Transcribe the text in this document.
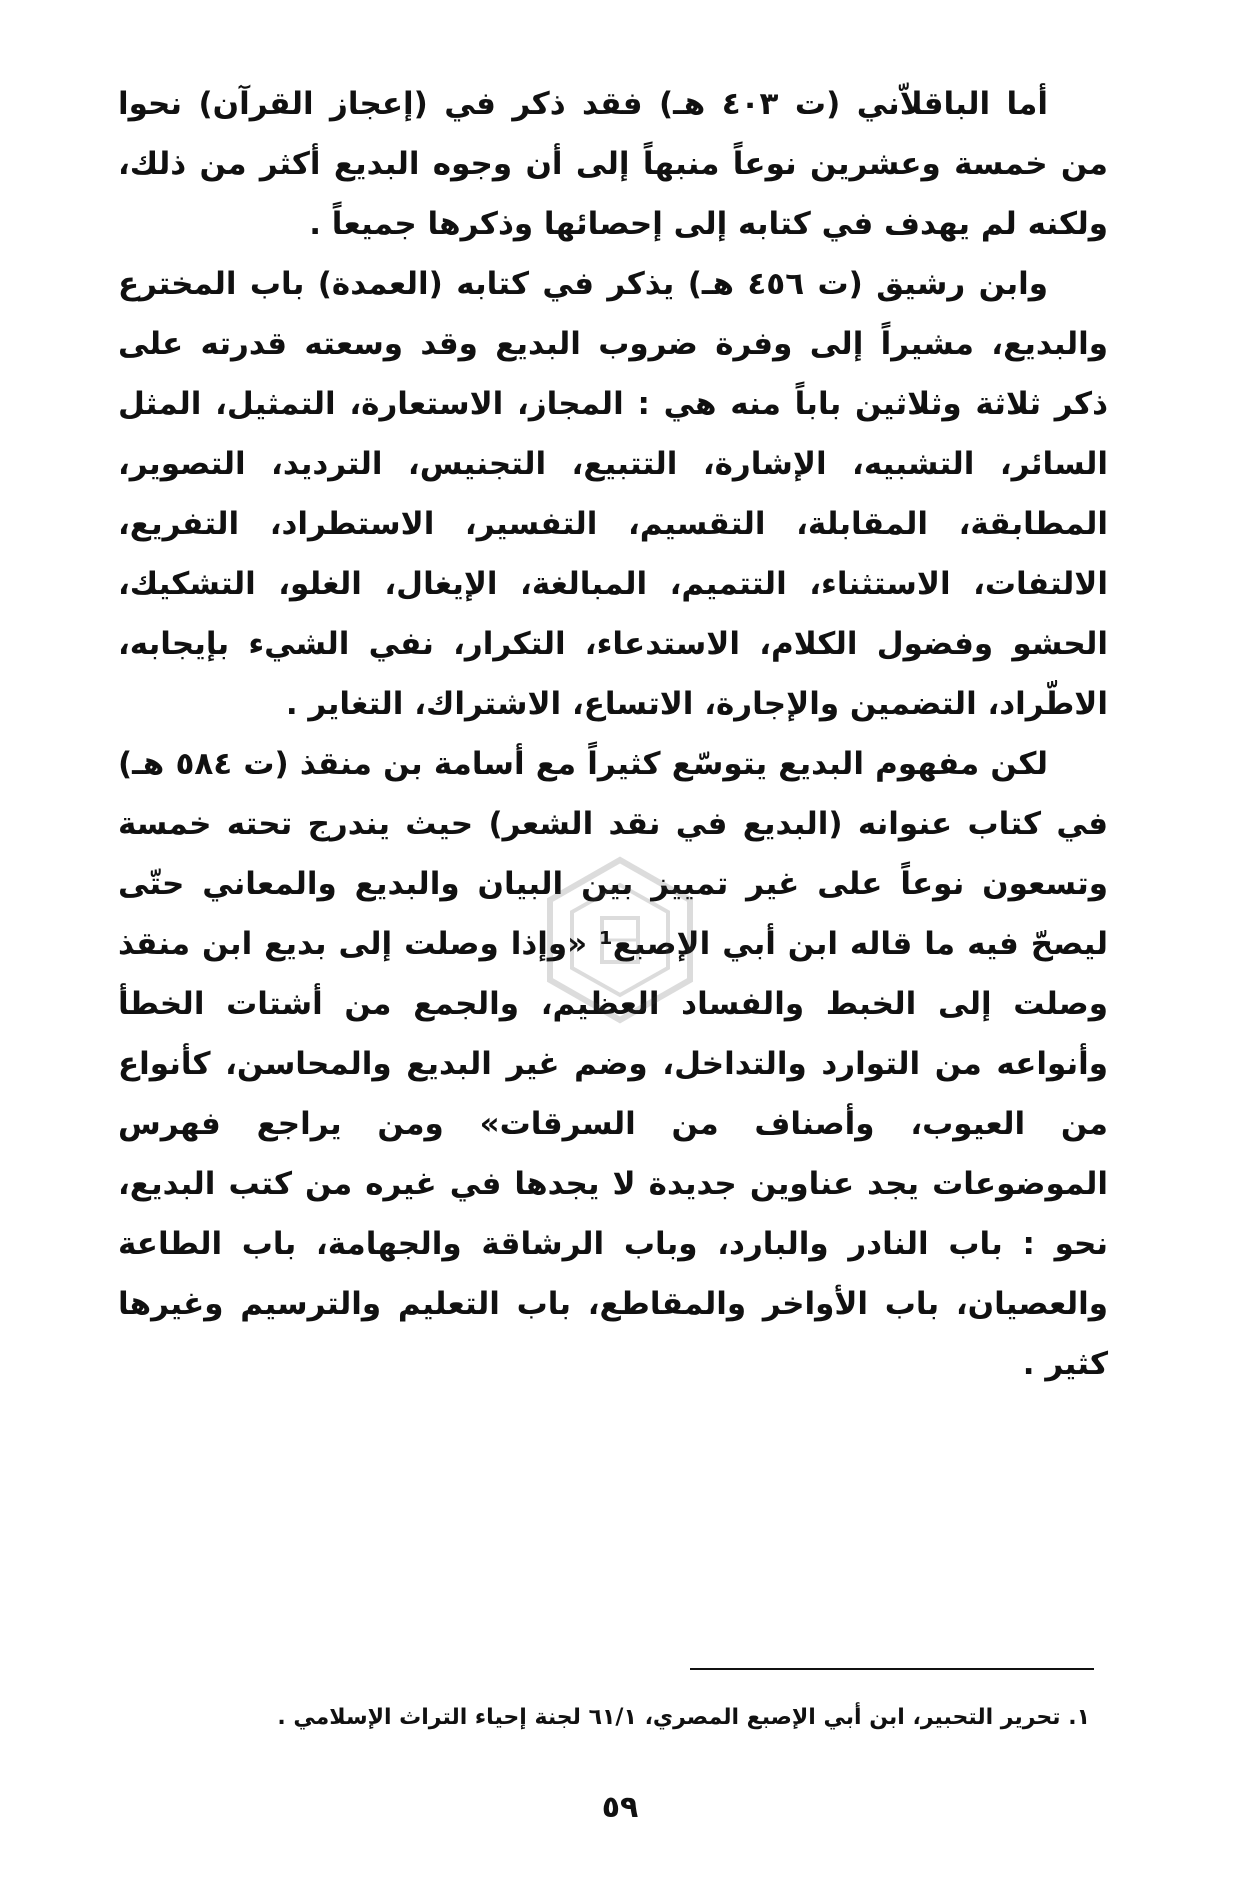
أما الباقلاّني (ت ٤٠٣ هـ) فقد ذكر في (إعجاز القرآن) نحوا من خمسة وعشرين نوعاً منبهاً إلى أن وجوه البديع أكثر من ذلك، ولكنه لم يهدف في كتابه إلى إحصائها وذكرها جميعاً .

وابن رشيق (ت ٤٥٦ هـ) يذكر في كتابه (العمدة) باب المخترع والبديع، مشيراً إلى وفرة ضروب البديع وقد وسعته قدرته على ذكر ثلاثة وثلاثين باباً منه هي : المجاز، الاستعارة، التمثيل، المثل السائر، التشبيه، الإشارة، التتبيع، التجنيس، الترديد، التصوير، المطابقة، المقابلة، التقسيم، التفسير، الاستطراد، التفريع، الالتفات، الاستثناء، التتميم، المبالغة، الإيغال، الغلو، التشكيك، الحشو وفضول الكلام، الاستدعاء، التكرار، نفي الشيء بإيجابه، الاطّراد، التضمين والإجارة، الاتساع، الاشتراك، التغاير .

لكن مفهوم البديع يتوسّع كثيراً مع أسامة بن منقذ (ت ٥٨٤ هـ) في كتاب عنوانه (البديع في نقد الشعر) حيث يندرج تحته خمسة وتسعون نوعاً على غير تمييز بين البيان والبديع والمعاني حتّى ليصحّ فيه ما قاله ابن أبي الإصبع¹ «وإذا وصلت إلى بديع ابن منقذ وصلت إلى الخبط والفساد العظيم، والجمع من أشتات الخطأ وأنواعه من التوارد والتداخل، وضم غير البديع والمحاسن، كأنواع من العيوب، وأصناف من السرقات» ومن يراجع فهرس الموضوعات يجد عناوين جديدة لا يجدها في غيره من كتب البديع، نحو : باب النادر والبارد، وباب الرشاقة والجهامة، باب الطاعة والعصيان، باب الأواخر والمقاطع، باب التعليم والترسيم وغيرها كثير .

١. تحرير التحبير، ابن أبي الإصبع المصري، ٦١/١ لجنة إحياء التراث الإسلامي .
٥٩
